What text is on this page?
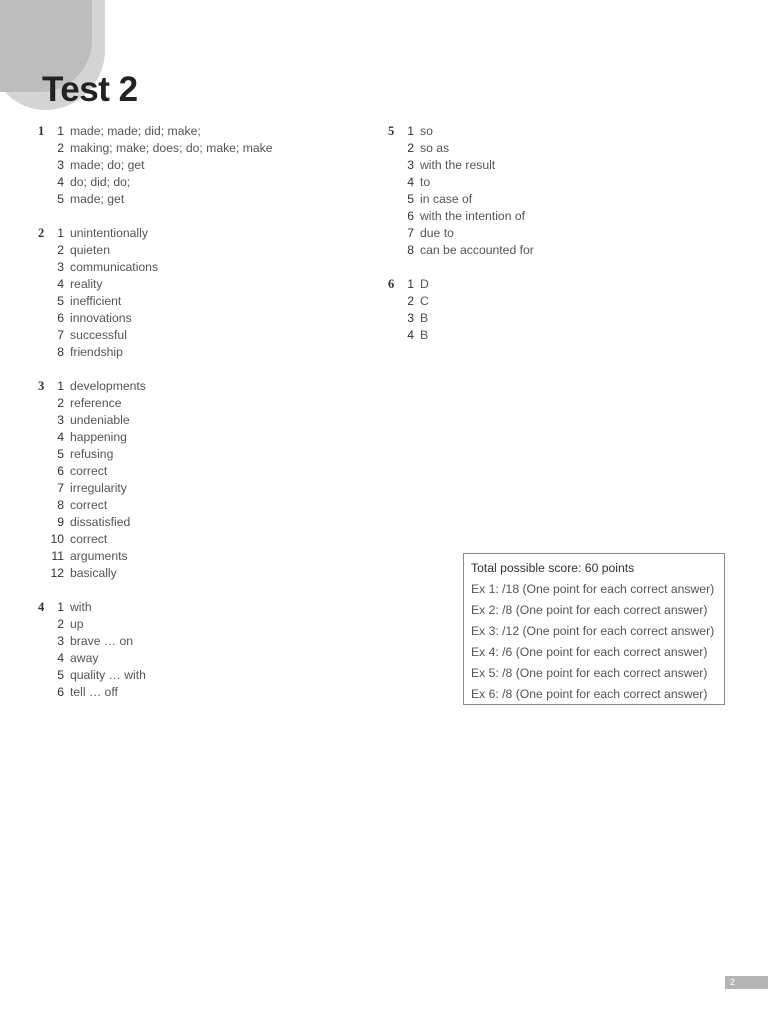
Test 2
1	1 made; made; did; make;
2 making; make; does; do; make; make
3 made; do; get
4 do; did; do;
5 made; get
2	1 unintentionally
2 quieten
3 communications
4 reality
5 inefficient
6 innovations
7 successful
8 friendship
3	1 developments
2 reference
3 undeniable
4 happening
5 refusing
6 correct
7 irregularity
8 correct
9 dissatisfied
10 correct
11 arguments
12 basically
4	1 with
2 up
3 brave … on
4 away
5 quality … with
6 tell … off
5	1 so
2 so as
3 with the result
4 to
5 in case of
6 with the intention of
7 due to
8 can be accounted for
6	1 D
2 C
3 B
4 B
Total possible score: 60 points
Ex 1: /18 (One point for each correct answer)
Ex 2: /8 (One point for each correct answer)
Ex 3: /12 (One point for each correct answer)
Ex 4: /6 (One point for each correct answer)
Ex 5: /8 (One point for each correct answer)
Ex 6: /8 (One point for each correct answer)
2
